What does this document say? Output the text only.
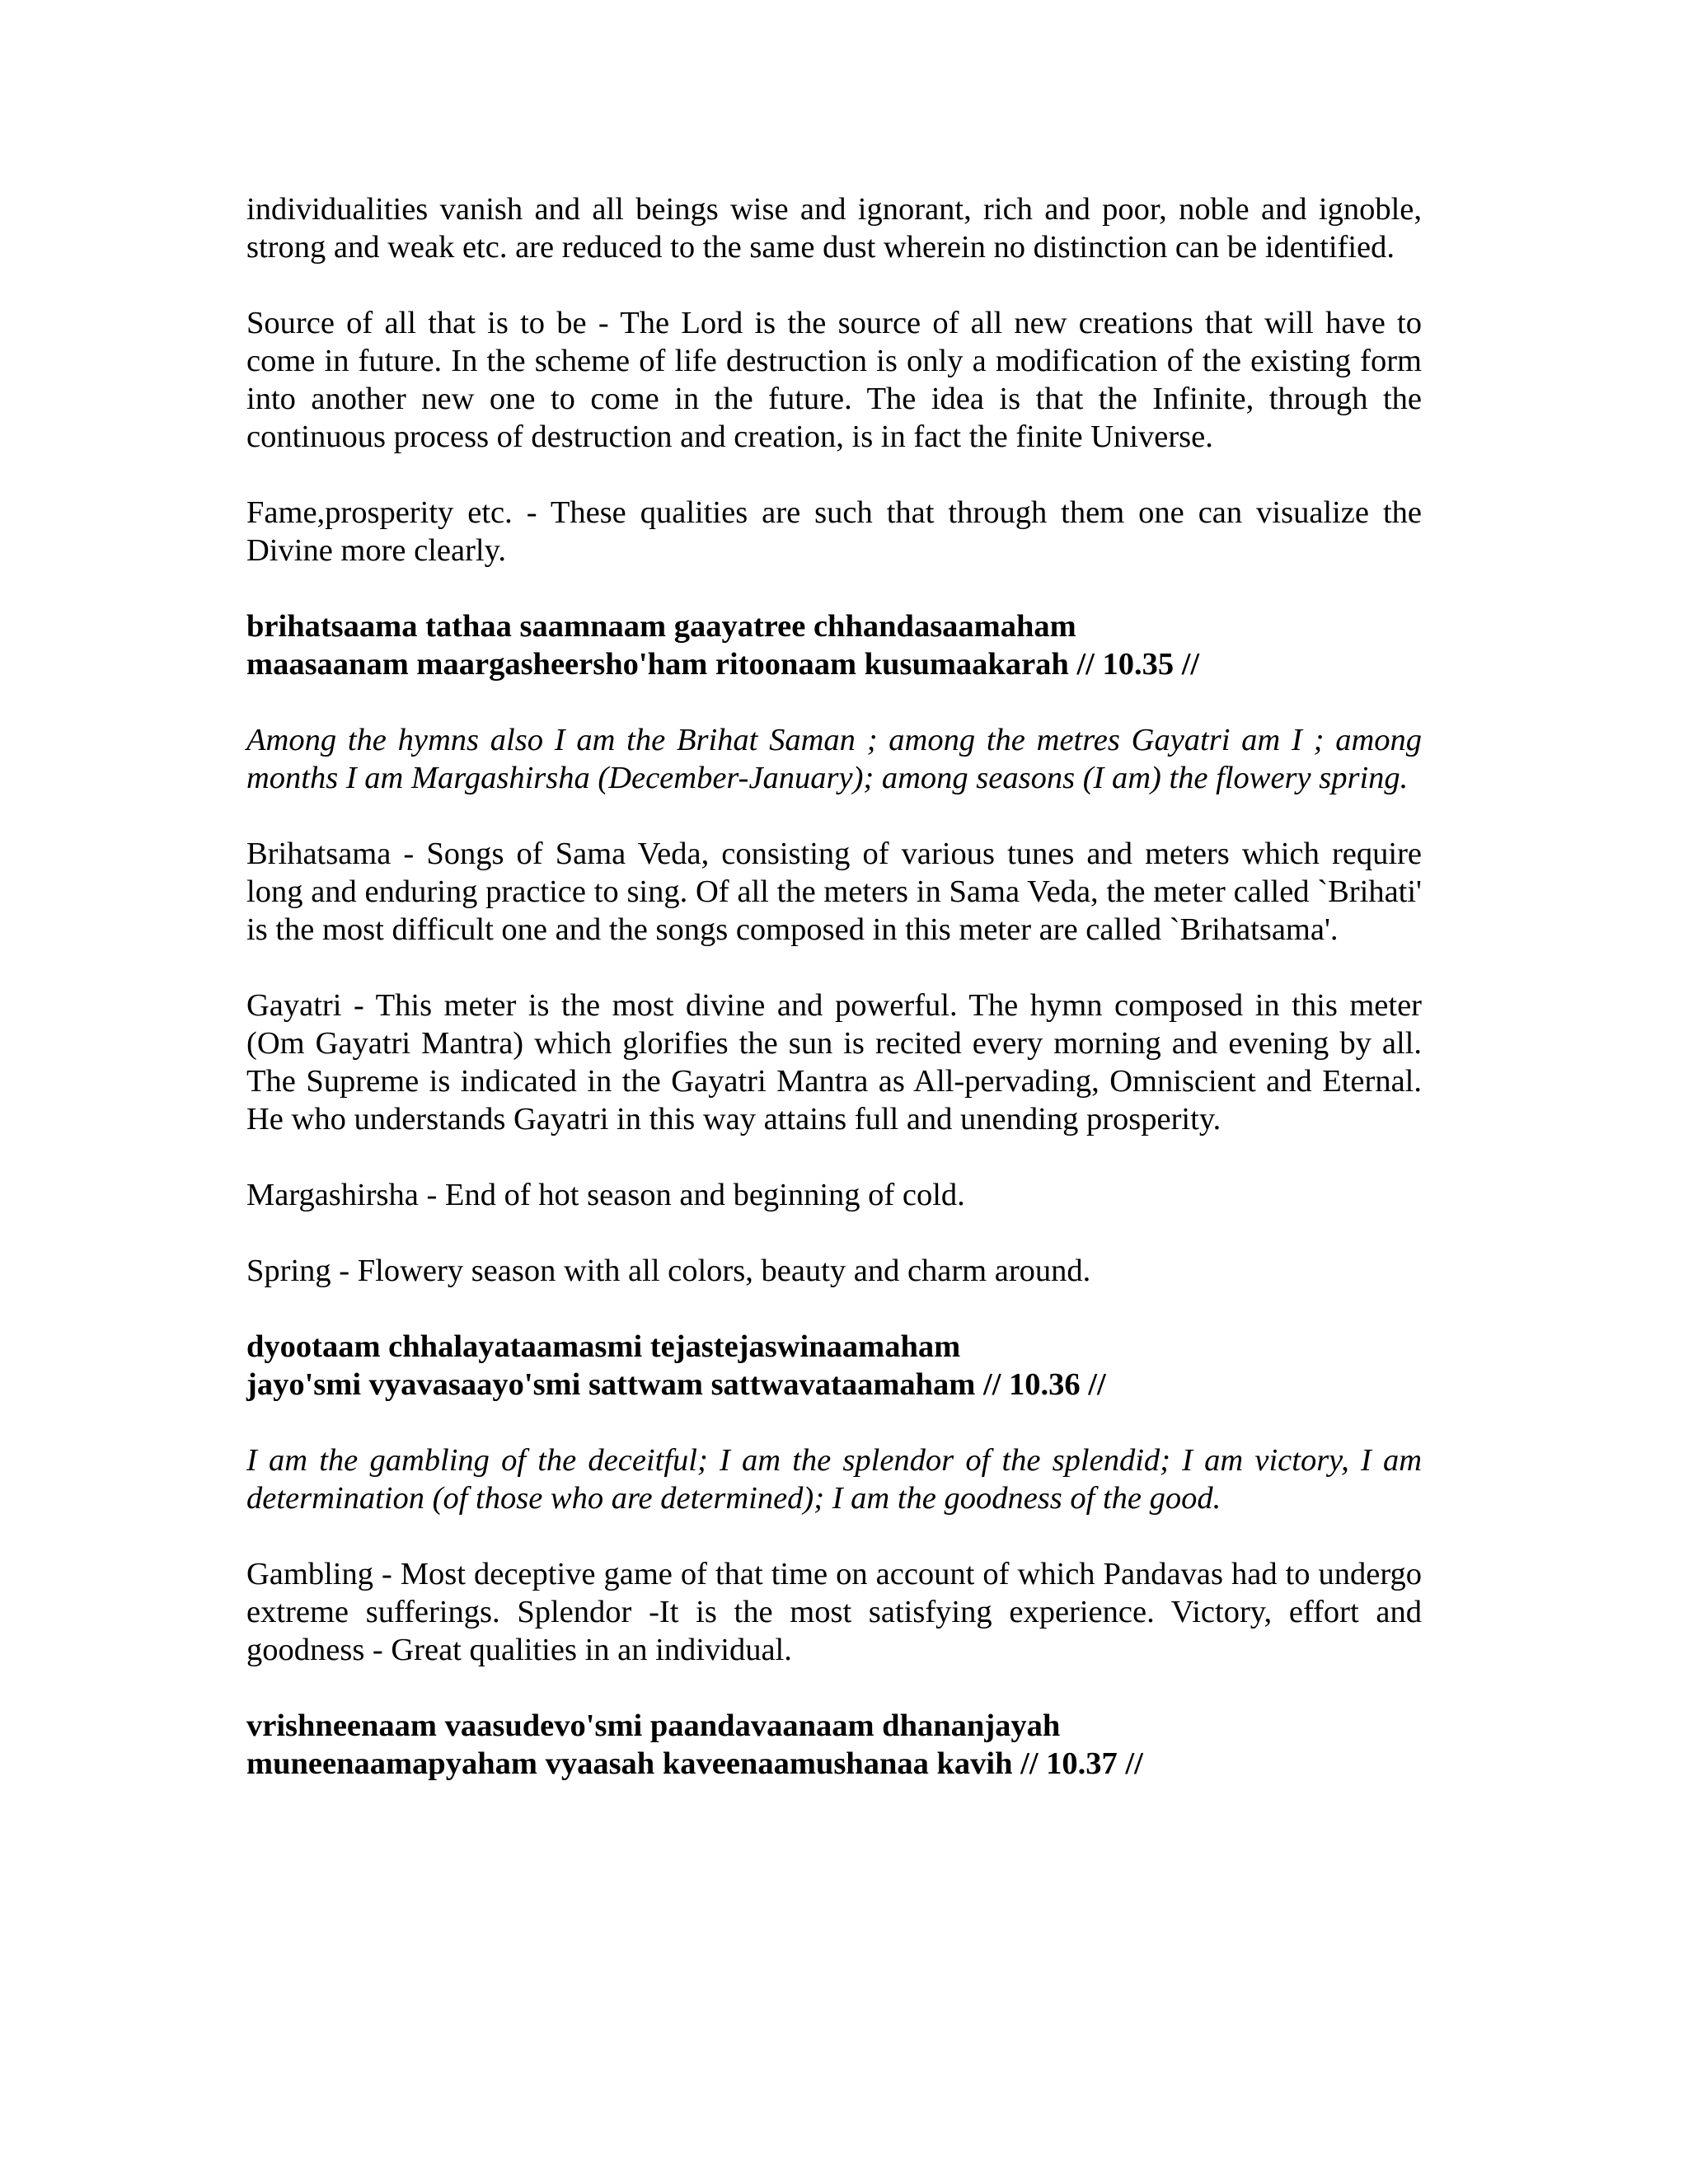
individualities vanish and all beings wise and ignorant, rich and poor, noble and ignoble, strong and weak etc. are reduced to the same dust wherein no distinction can be identified.

Source of all that is to be - The Lord is the source of all new creations that will have to come in future. In the scheme of life destruction is only a modification of the existing form into another new one to come in the future. The idea is that the Infinite, through the continuous process of destruction and creation, is in fact the finite Universe.

Fame,prosperity etc. - These qualities are such that through them one can visualize the Divine more clearly.

brihatsaama tathaa saamnaam gaayatree chhandasaamaham
maasaanam maargasheersho'ham ritoonaam kusumaakarah // 10.35 //

Among the hymns also I am the Brihat Saman ; among the metres Gayatri am I ; among months I am Margashirsha (December-January); among seasons (I am) the flowery spring.

Brihatsama - Songs of Sama Veda, consisting of various tunes and meters which require long and enduring practice to sing. Of all the meters in Sama Veda, the meter called `Brihati' is the most difficult one and the songs composed in this meter are called `Brihatsama'.

Gayatri - This meter is the most divine and powerful. The hymn composed in this meter (Om Gayatri Mantra) which glorifies the sun is recited every morning and evening by all. The Supreme is indicated in the Gayatri Mantra as All-pervading, Omniscient and Eternal. He who understands Gayatri in this way attains full and unending prosperity.

Margashirsha - End of hot season and beginning of cold.

Spring - Flowery season with all colors, beauty and charm around.

dyootaam chhalayataamasmi tejastejaswinaamaham
jayo'smi vyavasaayo'smi sattwam sattwavataamaham // 10.36 //

I am the gambling of the deceitful; I am the splendor of the splendid; I am victory, I am determination (of those who are determined); I am the goodness of the good.

Gambling - Most deceptive game of that time on account of which Pandavas had to undergo extreme sufferings. Splendor -It is the most satisfying experience. Victory, effort and goodness - Great qualities in an individual.

vrishneenaam vaasudevo'smi paandavaanaam dhananjayah
muneenaamapyaham vyaasah kaveenaamushanaa kavih // 10.37 //
